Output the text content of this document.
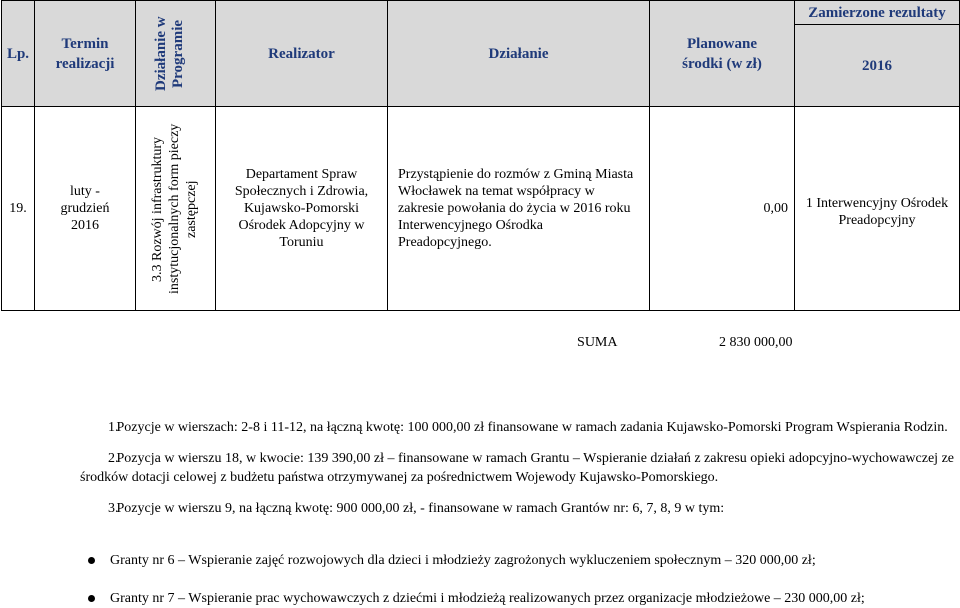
Lp.	Termin realizacji	Działanie w Programie	Realizator	Działanie	Planowane środki (w zł)	Zamierzone rezultaty
						2016
19.	luty - grudzień 2016	3.3 Rozwój infrastruktury instytucjonalnych form pieczy zastępczej	Departament Spraw Społecznych i Zdrowia, Kujawsko-Pomorski Ośrodek Adopcyjny w Toruniu	Przystąpienie do rozmów z Gminą Miasta Włocławek na temat współpracy w zakresie powołania do życia w 2016 roku Interwencyjnego Ośrodka Preadopcyjnego.	0,00	1 Interwencyjny Ośrodek Preadopcyjny
				SUMA	2 830 000,00	

1. Pozycje w wierszach: 2-8 i 11-12, na łączną kwotę: 100 000,00 zł finansowane w ramach zadania Kujawsko-Pomorski Program Wspierania Rodzin.

2. Pozycja w wierszu 18, w kwocie: 139 390,00 zł – finansowane w ramach Grantu – Wspieranie działań z zakresu opieki adopcyjno-wychowawczej ze środków dotacji celowej z budżetu państwa otrzymywanej za pośrednictwem Wojewody Kujawsko-Pomorskiego.

3. Pozycje w wierszu 9, na łączną kwotę: 900 000,00 zł, - finansowane w ramach Grantów nr: 6, 7, 8, 9 w tym:

Granty nr 6 – Wspieranie zajęć rozwojowych dla dzieci i młodzieży zagrożonych wykluczeniem społecznym – 320 000,00 zł;
Granty nr 7 – Wspieranie prac wychowawczych z dziećmi i młodzieżą realizowanych przez organizacje młodzieżowe – 230 000,00 zł;
